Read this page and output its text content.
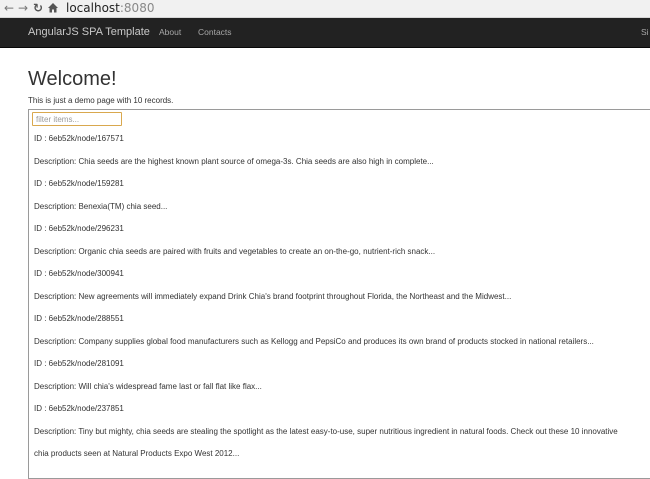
← → ↻ localhost:8080
AngularJS SPA Template About Contacts	Si
Welcome!

This is just a demo page with 10 records.

filter items...
ID : 6eb52k/node/167571
Description: Chia seeds are the highest known plant source of omega-3s. Chia seeds are also high in complete...
ID : 6eb52k/node/159281
Description: Benexia(TM) chia seed...
ID : 6eb52k/node/296231
Description: Organic chia seeds are paired with fruits and vegetables to create an on-the-go, nutrient-rich snack...
ID : 6eb52k/node/300941
Description: New agreements will immediately expand Drink Chia's brand footprint throughout Florida, the Northeast and the Midwest...
ID : 6eb52k/node/288551
Description: Company supplies global food manufacturers such as Kellogg and PepsiCo and produces its own brand of products stocked in national retailers...
ID : 6eb52k/node/281091
Description: Will chia's widespread fame last or fall flat like flax...
ID : 6eb52k/node/237851
Description: Tiny but mighty, chia seeds are stealing the spotlight as the latest easy-to-use, super nutritious ingredient in natural foods. Check out these 10 innovative chia products seen at Natural Products Expo West 2012...
